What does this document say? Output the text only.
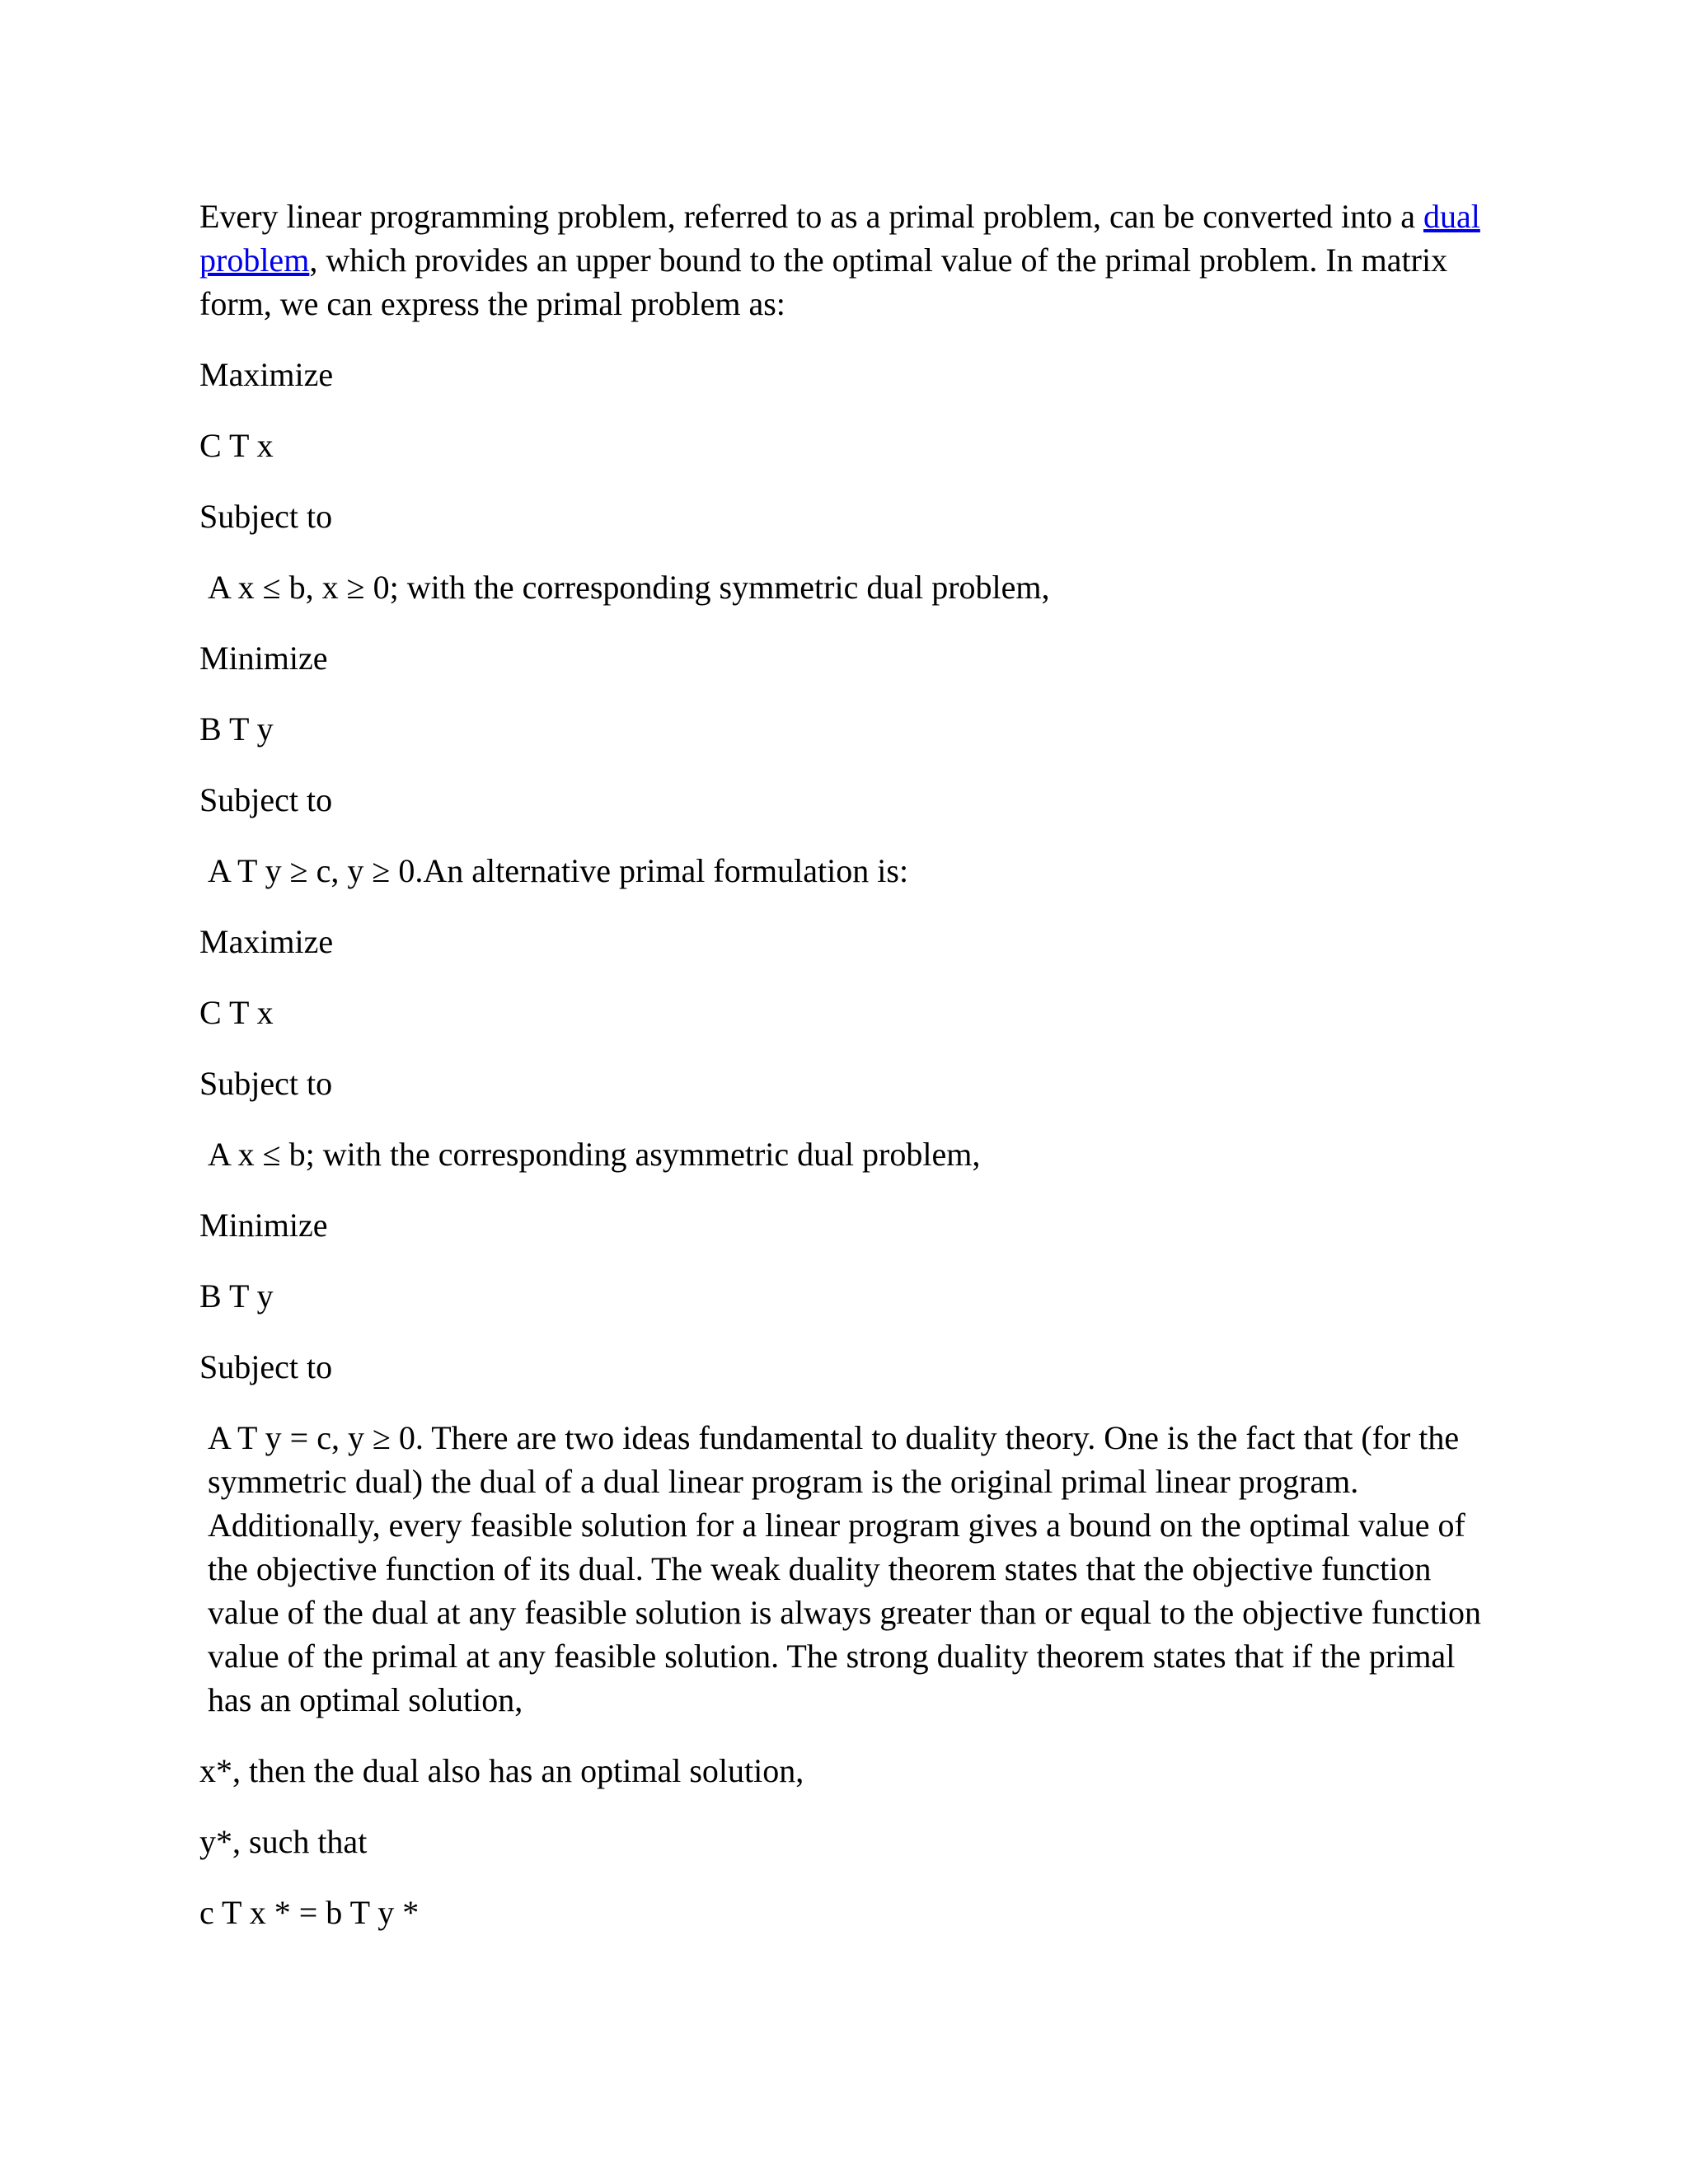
Every linear programming problem, referred to as a primal problem, can be converted into a dual problem, which provides an upper bound to the optimal value of the primal problem. In matrix form, we can express the primal problem as:

Maximize

C T x

Subject to

A x ≤ b, x ≥ 0; with the corresponding symmetric dual problem,

Minimize

B T y

Subject to

A T y ≥ c, y ≥ 0.An alternative primal formulation is:

Maximize

C T x

Subject to

A x ≤ b; with the corresponding asymmetric dual problem,

Minimize

B T y

Subject to

A T y = c, y ≥ 0. There are two ideas fundamental to duality theory. One is the fact that (for the symmetric dual) the dual of a dual linear program is the original primal linear program. Additionally, every feasible solution for a linear program gives a bound on the optimal value of the objective function of its dual. The weak duality theorem states that the objective function value of the dual at any feasible solution is always greater than or equal to the objective function value of the primal at any feasible solution. The strong duality theorem states that if the primal has an optimal solution,

x*, then the dual also has an optimal solution,

y*, such that

c T x * = b T y *
